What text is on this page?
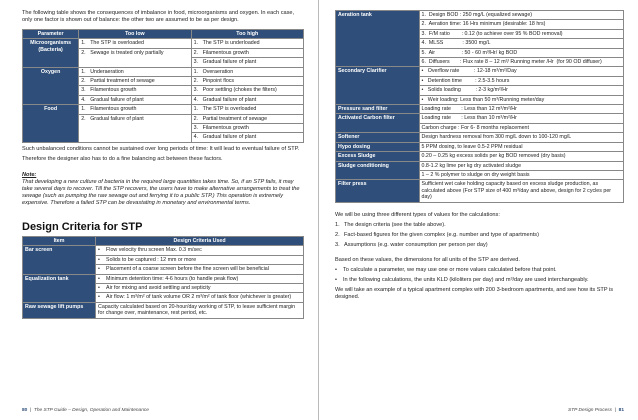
The following table shows the consequences of imbalance in food, microorganisms and oxygen. In each case, only one factor is shown out of balance: the other two are assumed to be as per design.

Parameter	Too low	Too high

Microorganisms
(Bacteria)	1. The STP is overloaded	1. The STP is underloaded
	2. Sewage is treated only partially	2. Filamentous growth
		3. Gradual failure of plant
Oxygen	1. Underaeration	1. Overaeration
	2. Partial treatment of sewage	2. Pinpoint flocs
	3. Filamentous growth	3. Poor settling (chokes the filters)
	4. Gradual failure of plant	4. Gradual failure of plant
Food	1. Filamentous growth	1. The STP is overloaded
	2. Gradual failure of plant	2. Partial treatment of sewage
		3. Filamentous growth
		4. Gradual failure of plant

Such unbalanced conditions cannot be sustained over long periods of time: It will lead to eventual failure of STP.

Therefore the designer also has to do a fine balancing act between these factors.

Note:

That developing a new culture of bacteria in the required large quantities takes time. So, if an STP fails, it may take several days to recover. Till the STP recovers, the users have to make alternative arrangements to treat the sewage (such as pumping the raw sewage out and ferrying it to a public STP.) This operation is extremely expensive. Therefore a failed STP can be devastating in monetary and environmental terms.

Design Criteria for STP
Item	Design Criteria Used
Bar screen	• Flow velocity thru screen Max. 0.3 m/sec
	• Solids to be captured : 12 mm or more
	• Placement of a coarse screen before the fine screen will be beneficial
Equalization tank	• Minimum detention time: 4-6 hours (to handle peak flow)
	• Air for mixing and avoid settling and septicity
	• Air flow: 1 m³/m² of tank volume OR 2 m³/m² of tank floor (whichever is greater)
Raw sewage lift pumps	Capacity calculated based on 20-hour/day working of STP, to leave sufficient margin for change over, maintenance, rest period, etc.
80  |  The STP Guide – Design, Operation and Maintenance
Aeration tank	1.  Design BOD : 250 mg/L (equalized sewage)
	2.  Aeration time: 16 Hrs minimum (desirable: 18 hrs)
	3.  F/M ratio        : 0.12 (to achieve over 95 % BOD removal)
	4.  MLSS             : 3500 mg/L
	5.  Air                  : 50 - 60 m³/Hr/ kg BOD
	6.  Diffusers       : Flux rate 8 – 12 m³/ Running meter /Hr  (for 90 OD diffuser)
Secondary Clarifier	•   Overflow rate          : 12-18 m³/m²/Day
	•   Detention time         : 2.5-3.5 hours
	•   Solids loading          : 2-3 kg/m²/Hr
	•   Weir loading: Less than 50 m³/Running meter/day
Pressure sand filter	Loading rate       : Less than 12 m³/m²/Hr
Activated Carbon filter	Loading rate       : Less than 10 m³/m²/Hr
	Carbon charge : For 6- 8 months replacement
Softener	Design hardness removal from 300 mg/L down to 100-120 mg/L
Hypo dosing	5 PPM dosing, to leave 0.5-2 PPM residual
Excess Sludge	0.20 – 0.25 kg excess solids per kg BOD removed (dry basis)
Sludge conditioning	0.8-1.2 kg lime per kg dry activated sludge
	1 – 2 % polymer to sludge on dry weight basis
Filter press	Sufficient wet cake holding capacity based on excess sludge production, as calculated above (For STP size of 400 m³/day and above, design for 2 cycles per day)

We will be using three different types of values for the calculations:

1. The design criteria (see the table above).
2. Fact-based figures for the given complex (e.g. number and type of apartments)
3. Assumptions (e.g. water consumption per person per day)

Based on these values, the dimensions for all units of the STP are derived.

• To calculate a parameter, we may use one or more values calculated before that point.
• In the following calculations, the units KLD (kiloliters per day) and m³/day are used interchangeably.

We will take an example of a typical apartment complex with 200 3-bedroom apartments, and see how its STP is designed.

STP Design Process  |  81
